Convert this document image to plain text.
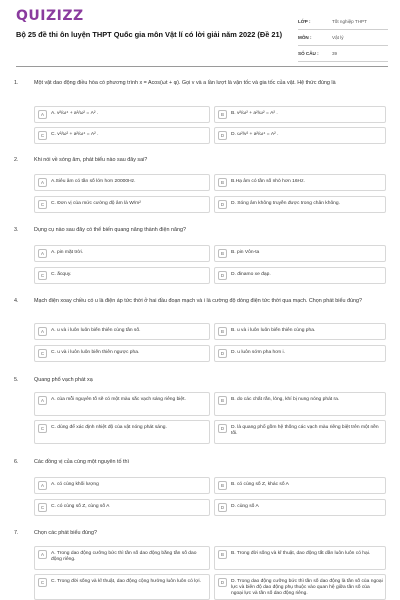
QUIZIZZ
Bộ 25 đề thi ôn luyện THPT Quốc gia môn Vật lí có lời giải năm 2022 (Đề 21)
LỚP :	Tốt nghiệp THPT
MÔN :	Vật lý
SỐ CÂU :	39
1.	Một vật dao động điều hòa có phương trình x = Acos(ωt + φ). Gọi v và a lần lượt là vận tốc và gia tốc của vật. Hệ thức đúng là
A	A. v²/ω⁴ + a²/ω² = A² .	B	B. v²/ω² + a²/ω² = A² .
C	C. v²/ω² + a²/ω⁴ = A² .	D	D. ω²/v² + a²/ω⁴ = A² .
2.	Khi nói về sóng âm, phát biểu nào sau đây sai?
A	A.Siêu âm có tần số lớn hơn 20000Hz.	B	B.Hạ âm có tần số nhỏ hơn 16Hz.
C	C. Đơn vị của mức cường độ âm là W/m²	D	D. Sóng âm không truyền được trong chân không.
3.	Dụng cụ nào sau đây có thể biến quang năng thành điện năng?
A	A. pin mặt trời.	B	B. pin Vôn-ta
C	C. ắcquy.	D	D. đinamo xe đạp.
4.	Mạch điện xoay chiều có u là điện áp tức thời ở hai đầu đoạn mạch và i là cường độ dòng điện tức thời qua mạch. Chọn phát biểu đúng?
A	A. u và i luôn luôn biến thiên cùng tần số.	B	B. u và i luôn luôn biến thiên cùng pha.
C	C. u và i luôn luôn biến thiên ngược pha.	D	D. u luôn sớm pha hơn i.
5.	Quang phổ vạch phát xạ
A	A. của mỗi nguyên tố sẽ có một màu sắc vạch sáng riêng biệt.	B	B. do các chất rắn, lỏng, khí bị nung nóng phát ra.
C	C. dùng để xác định nhiệt độ của vật nóng phát sáng.	D	D. là quang phổ gồm hệ thống các vạch màu riêng biệt trên một nền tối.
6.	Các đồng vị của cùng một nguyên tố thì
A	A. có cùng khối lượng	B	B. có cùng số Z, khác số A
C	C. có cùng số Z, cùng số A	D	D. cùng số A
7.	Chọn các phát biểu đúng?
A	A. Trong dao động cưỡng bức thì tần số dao động bằng tần số dao động riêng.
B	B. Trong đời sống và kĩ thuật, dao động tắt dần luôn luôn có hại.
C	C. Trong đời sống và kĩ thuật, dao động cộng hưởng luôn luôn có lợi.	D	D. Trong dao động cưỡng bức thì tần số dao động là tần số của ngoại lực và biên độ dao động phụ thuộc vào quan hệ giữa tần số của ngoại lực và tần số dao động riêng.
